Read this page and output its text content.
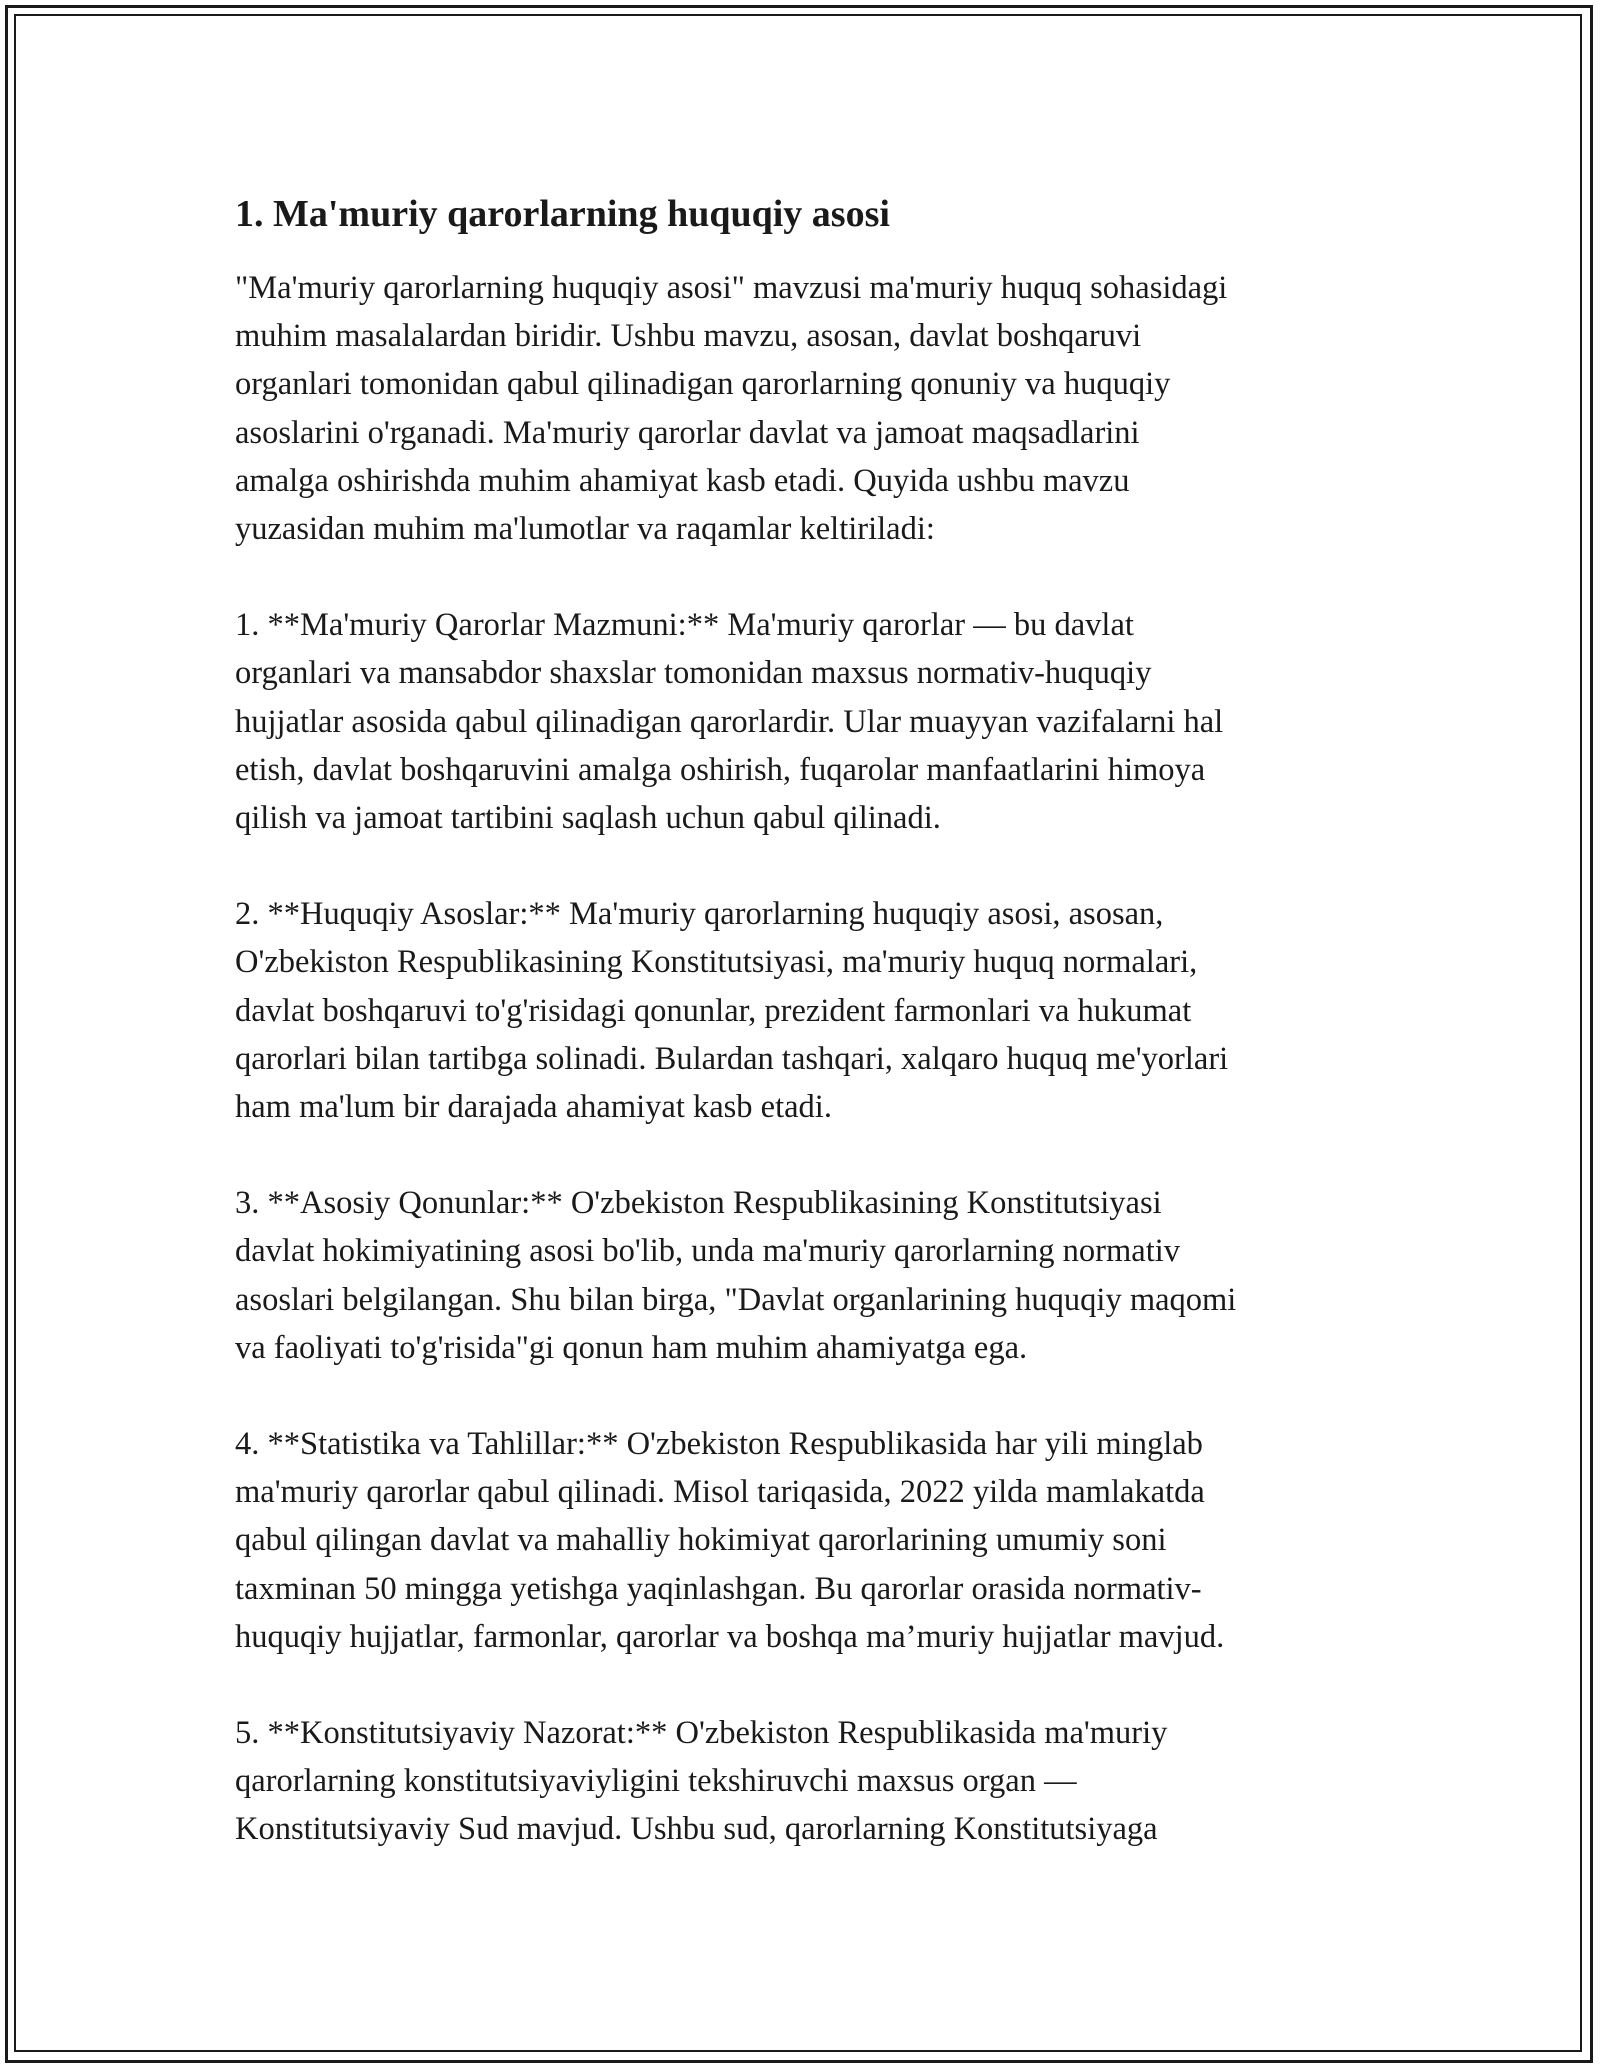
1. Ma'muriy qarorlarning huquqiy asosi

"Ma'muriy qarorlarning huquqiy asosi" mavzusi ma'muriy huquq sohasidagi
muhim masalalardan biridir. Ushbu mavzu, asosan, davlat boshqaruvi
organlari tomonidan qabul qilinadigan qarorlarning qonuniy va huquqiy
asoslarini o'rganadi. Ma'muriy qarorlar davlat va jamoat maqsadlarini
amalga oshirishda muhim ahamiyat kasb etadi. Quyida ushbu mavzu
yuzasidan muhim ma'lumotlar va raqamlar keltiriladi:

1. **Ma'muriy Qarorlar Mazmuni:** Ma'muriy qarorlar — bu davlat
organlari va mansabdor shaxslar tomonidan maxsus normativ-huquqiy
hujjatlar asosida qabul qilinadigan qarorlardir. Ular muayyan vazifalarni hal
etish, davlat boshqaruvini amalga oshirish, fuqarolar manfaatlarini himoya
qilish va jamoat tartibini saqlash uchun qabul qilinadi.

2. **Huquqiy Asoslar:** Ma'muriy qarorlarning huquqiy asosi, asosan,
O'zbekiston Respublikasining Konstitutsiyasi, ma'muriy huquq normalari,
davlat boshqaruvi to'g'risidagi qonunlar, prezident farmonlari va hukumat
qarorlari bilan tartibga solinadi. Bulardan tashqari, xalqaro huquq me'yorlari
ham ma'lum bir darajada ahamiyat kasb etadi.

3. **Asosiy Qonunlar:** O'zbekiston Respublikasining Konstitutsiyasi
davlat hokimiyatining asosi bo'lib, unda ma'muriy qarorlarning normativ
asoslari belgilangan. Shu bilan birga, "Davlat organlarining huquqiy maqomi
va faoliyati to'g'risida"gi qonun ham muhim ahamiyatga ega.

4. **Statistika va Tahlillar:** O'zbekiston Respublikasida har yili minglab
ma'muriy qarorlar qabul qilinadi. Misol tariqasida, 2022 yilda mamlakatda
qabul qilingan davlat va mahalliy hokimiyat qarorlarining umumiy soni
taxminan 50 mingga yetishga yaqinlashgan. Bu qarorlar orasida normativ-
huquqiy hujjatlar, farmonlar, qarorlar va boshqa ma’muriy hujjatlar mavjud.

5. **Konstitutsiyaviy Nazorat:** O'zbekiston Respublikasida ma'muriy
qarorlarning konstitutsiyaviyligini tekshiruvchi maxsus organ —
Konstitutsiyaviy Sud mavjud. Ushbu sud, qarorlarning Konstitutsiyaga
